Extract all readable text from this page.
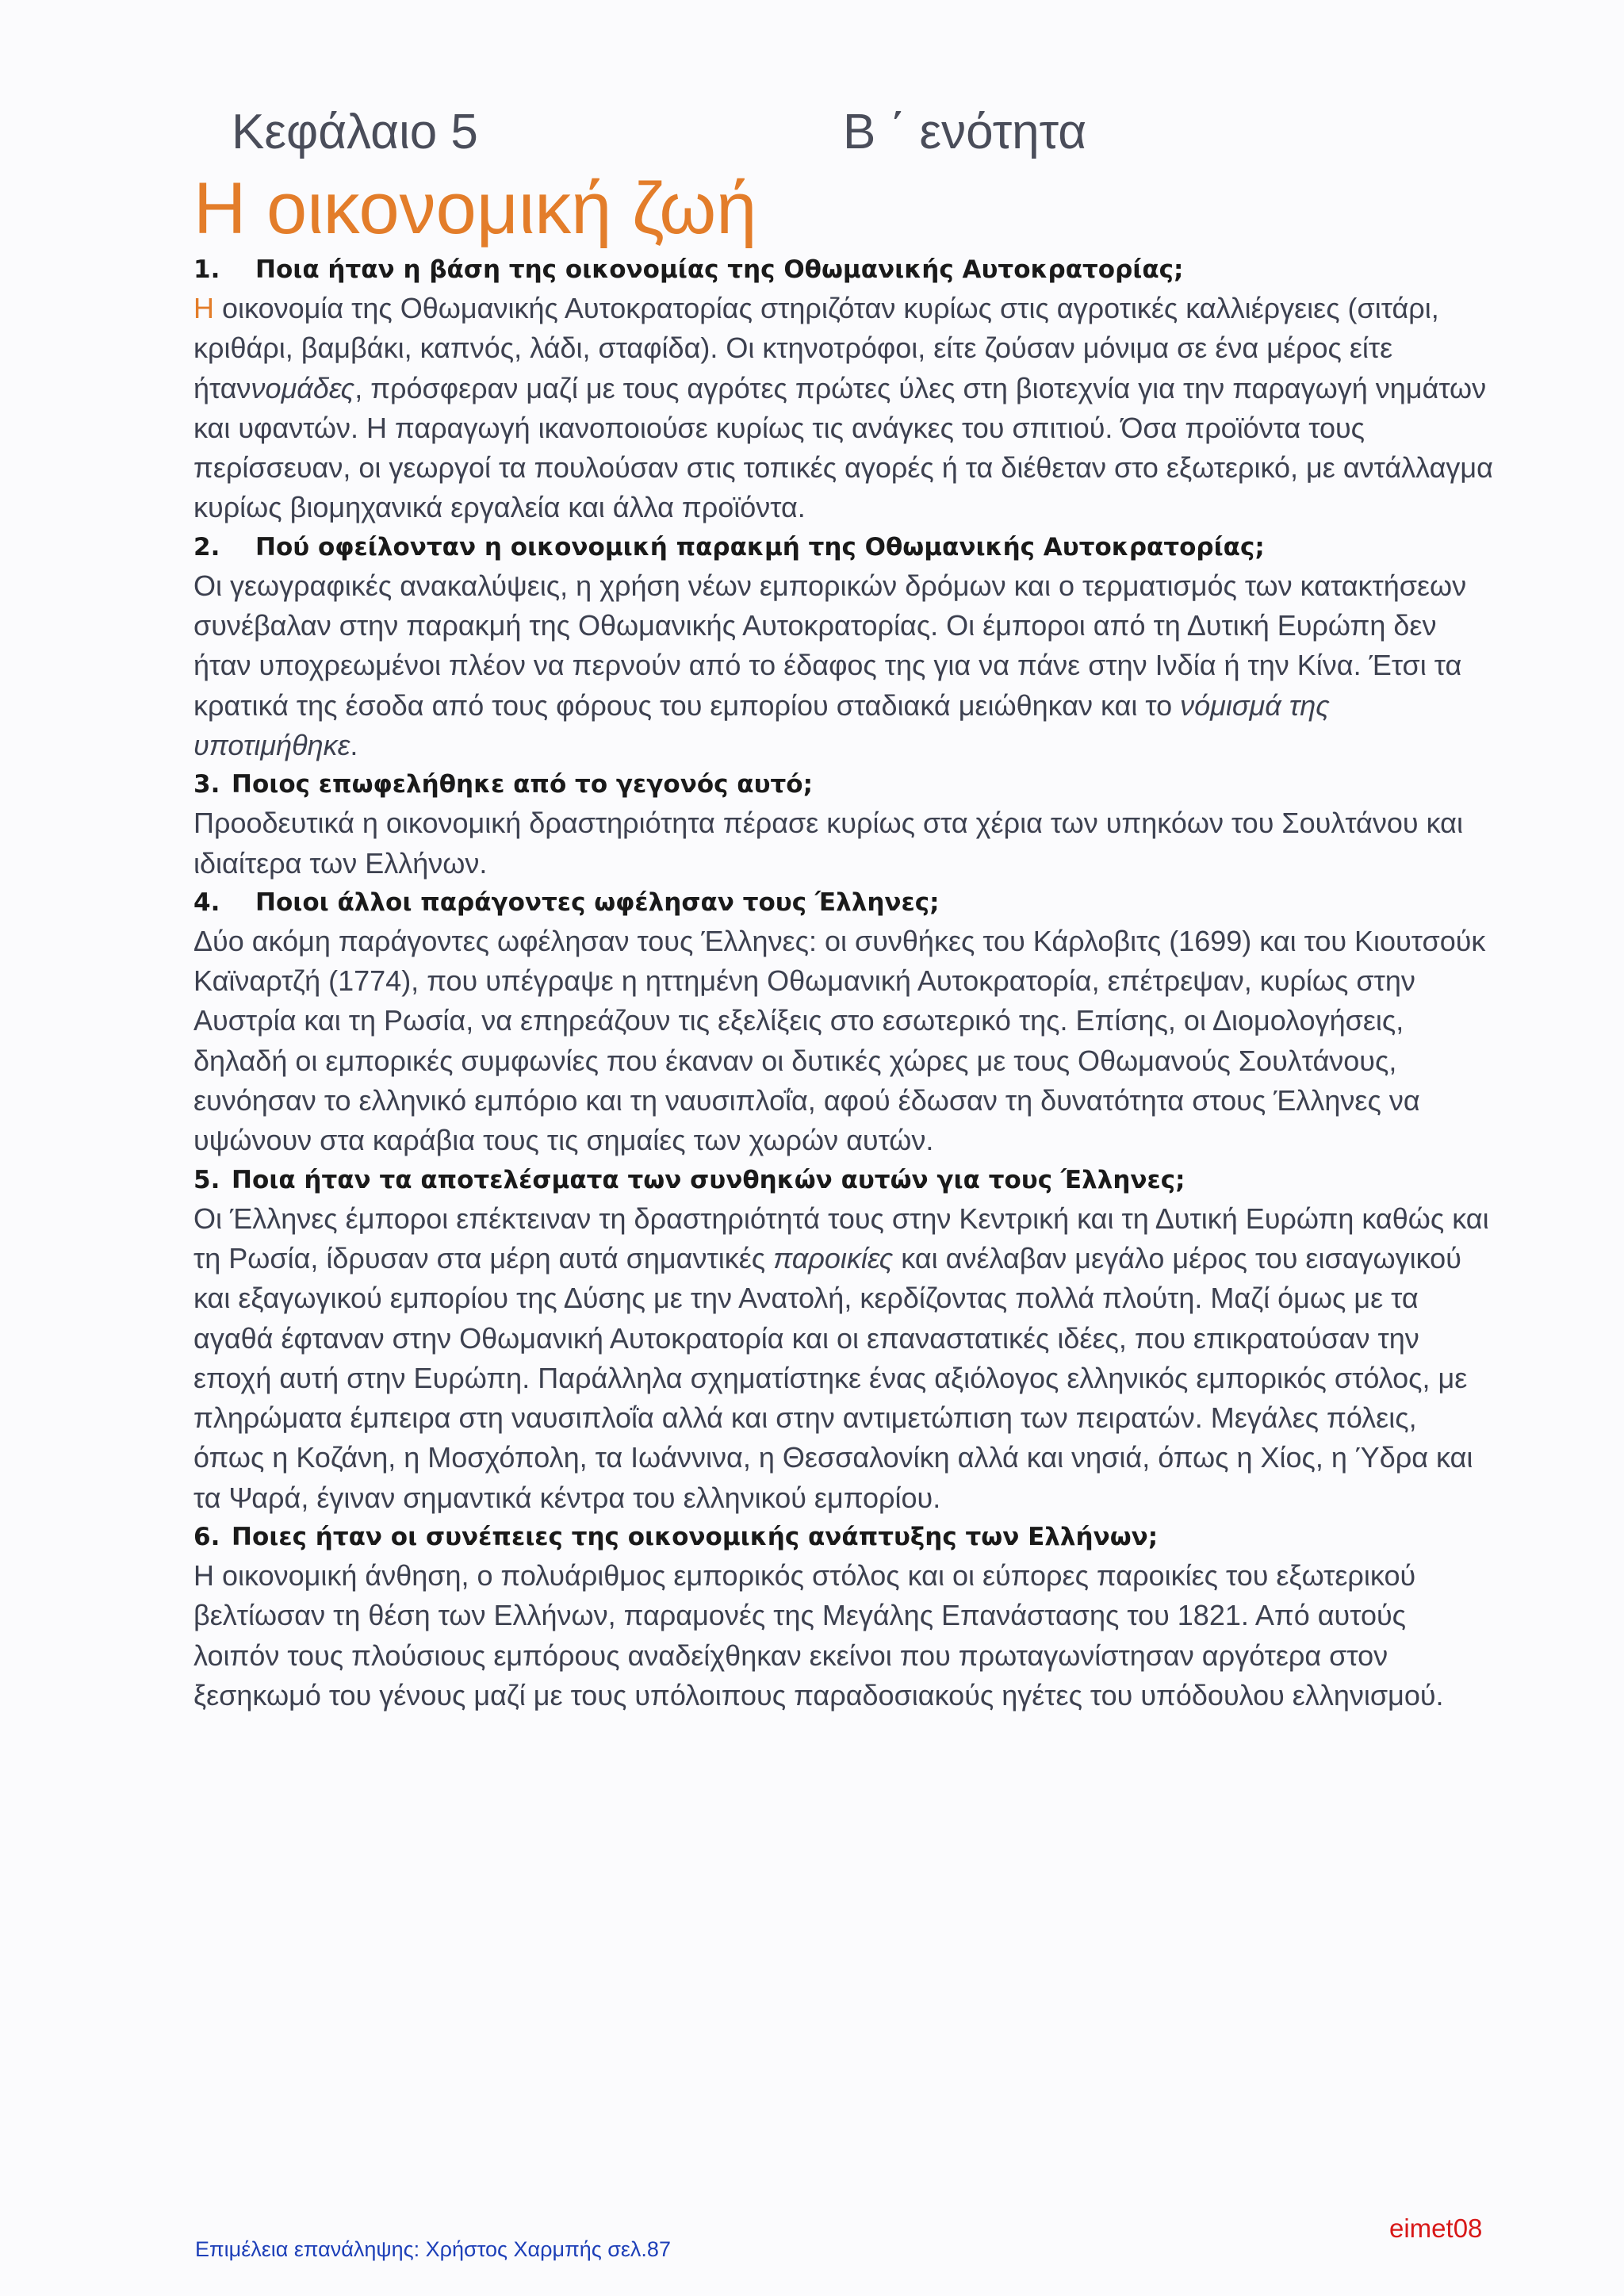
Κεφάλαιο 5	Β ΄ ενότητα
Η οικονομική ζωή
1. Ποια ήταν η βάση της οικονομίας της Οθωμανικής Αυτοκρατορίας;

Η οικονομία της Οθωμανικής Αυτοκρατορίας στηριζόταν κυρίως στις αγροτικές καλλιέργειες (σιτάρι, κριθάρι, βαμβάκι, καπνός, λάδι, σταφίδα). Οι κτηνοτρόφοι, είτε ζούσαν μόνιμα σε ένα μέρος είτε ήταννομάδες, πρόσφεραν μαζί με τους αγρότες πρώτες ύλες στη βιοτεχνία για την παραγωγή νημάτων και υφαντών. Η παραγωγή ικανοποιούσε κυρίως τις ανάγκες του σπιτιού. Όσα προϊόντα τους περίσσευαν, οι γεωργοί τα πουλούσαν στις τοπικές αγορές ή τα διέθεταν στο εξωτερικό, με αντάλλαγμα κυρίως βιομηχανικά εργαλεία και άλλα προϊόντα.

2. Πού οφείλονταν η οικονομική παρακμή της Οθωμανικής Αυτοκρατορίας;

Οι γεωγραφικές ανακαλύψεις, η χρήση νέων εμπορικών δρόμων και ο τερματισμός των κατακτήσεων συνέβαλαν στην παρακμή της Οθωμανικής Αυτοκρατορίας. Οι έμποροι από τη Δυτική Ευρώπη δεν ήταν υποχρεωμένοι πλέον να περνούν από το έδαφος της για να πάνε στην Ινδία ή την Κίνα. Έτσι τα κρατικά της έσοδα από τους φόρους του εμπορίου σταδιακά μειώθηκαν και το νόμισμά της υποτιμήθηκε.

3. Ποιος επωφελήθηκε από το γεγονός αυτό;

Προοδευτικά η οικονομική δραστηριότητα πέρασε κυρίως στα χέρια των υπηκόων του Σουλτάνου και ιδιαίτερα των Ελλήνων.

4. Ποιοι άλλοι παράγοντες ωφέλησαν τους Έλληνες;

Δύο ακόμη παράγοντες ωφέλησαν τους Έλληνες: οι συνθήκες του Κάρλοβιτς (1699) και του Κιουτσούκ Καϊναρτζή (1774), που υπέγραψε η ηττημένη Οθωμανική Αυτοκρατορία, επέτρεψαν, κυρίως στην Αυστρία και τη Ρωσία, να επηρεάζουν τις εξελίξεις στο εσωτερικό της. Επίσης, οι Διομολογήσεις, δηλαδή οι εμπορικές συμφωνίες που έκαναν οι δυτικές χώρες με τους Οθωμανούς Σουλτάνους, ευνόησαν το ελληνικό εμπόριο και τη ναυσιπλοΐα, αφού έδωσαν τη δυνατότητα στους Έλληνες να υψώνουν στα καράβια τους τις σημαίες των χωρών αυτών.

5. Ποια ήταν τα αποτελέσματα των συνθηκών αυτών για τους Έλληνες;

Οι Έλληνες έμποροι επέκτειναν τη δραστηριότητά τους στην Κεντρική και τη Δυτική Ευρώπη καθώς και τη Ρωσία, ίδρυσαν στα μέρη αυτά σημαντικές παροικίες και ανέλαβαν μεγάλο μέρος του εισαγωγικού και εξαγωγικού εμπορίου της Δύσης με την Ανατολή, κερδίζοντας πολλά πλούτη. Μαζί όμως με τα αγαθά έφταναν στην Οθωμανική Αυτοκρατορία και οι επαναστατικές ιδέες, που επικρατούσαν την εποχή αυτή στην Ευρώπη. Παράλληλα σχηματίστηκε ένας αξιόλογος ελληνικός εμπορικός στόλος, με πληρώματα έμπειρα στη ναυσιπλοΐα αλλά και στην αντιμετώπιση των πειρατών. Μεγάλες πόλεις, όπως η Κοζάνη, η Μοσχόπολη, τα Ιωάννινα, η Θεσσαλονίκη αλλά και νησιά, όπως η Χίος, η Ύδρα και τα Ψαρά, έγιναν σημαντικά κέντρα του ελληνικού εμπορίου.

6. Ποιες ήταν οι συνέπειες της οικονομικής ανάπτυξης των Ελλήνων;

Η οικονομική άνθηση, ο πολυάριθμος εμπορικός στόλος και οι εύπορες παροικίες του εξωτερικού βελτίωσαν τη θέση των Ελλήνων, παραμονές της Μεγάλης Επανάστασης του 1821. Από αυτούς λοιπόν τους πλούσιους εμπόρους αναδείχθηκαν εκείνοι που πρωταγωνίστησαν αργότερα στον ξεσηκωμό του γένους μαζί με τους υπόλοιπους παραδοσιακούς ηγέτες του υπόδουλου ελληνισμού.

Επιμέλεια επανάληψης: Χρήστος Χαρμπής σελ.87
eimet08
